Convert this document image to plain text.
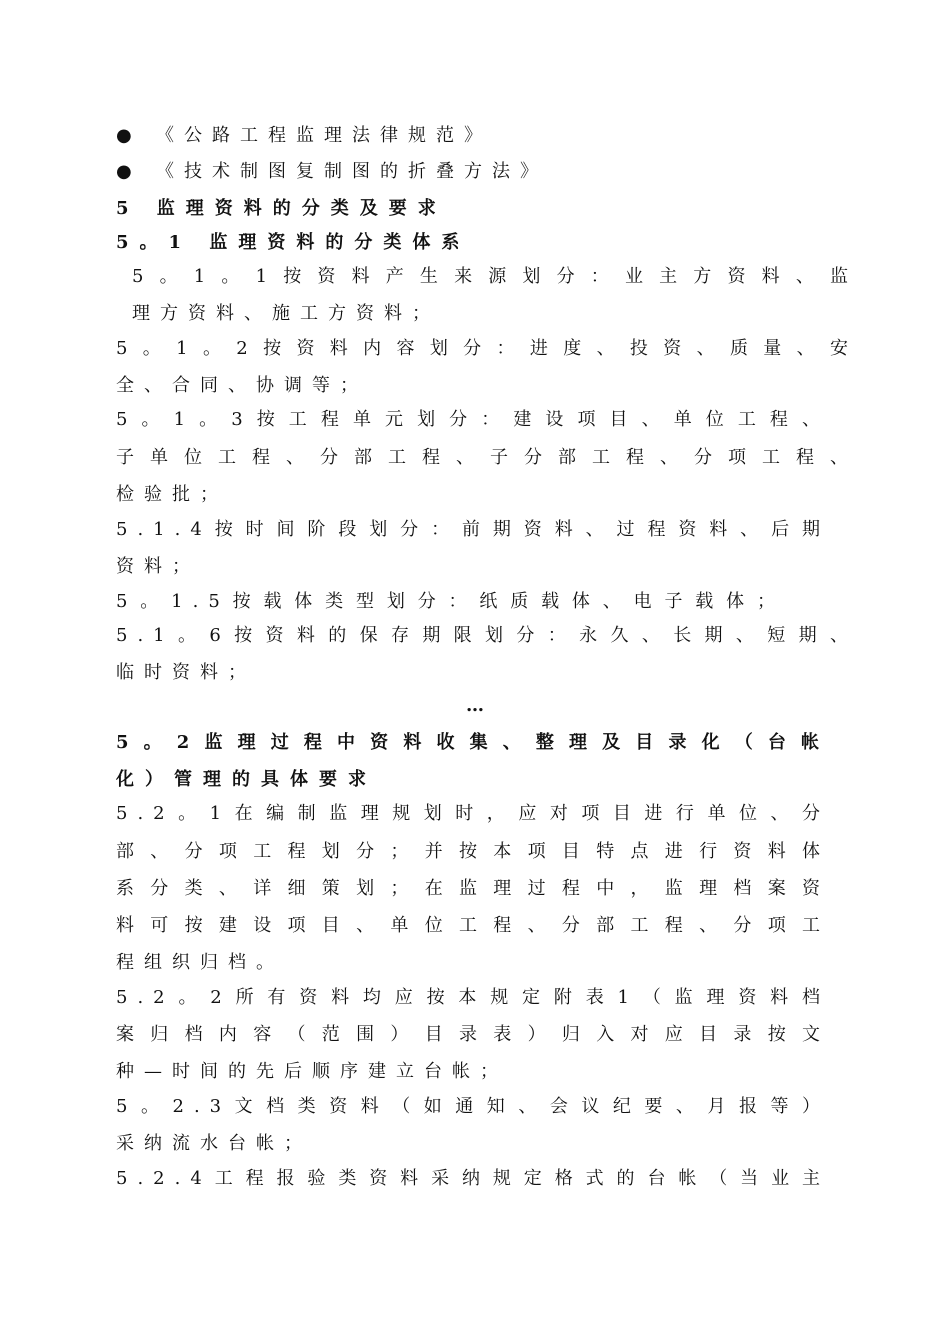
● 《公路工程监理法律规范》
● 《技术制图复制图的折叠方法》
5 监理资料的分类及要求
5。1 监理资料的分类体系
5。1。1按资料产生来源划分：业主方资料、监
理方资料、施工方资料；
5。1。2按资料内容划分：进度、投资、质量、安
全、合同、协调等；
5。1。3按工程单元划分：建设项目、单位工程、
子单位工程、分部工程、子分部工程、分项工程、
检验批；
5.1.4按时间阶段划分：前期资料、过程资料、后期
资料；
5。1.5按载体类型划分：纸质载体、电子载体；
5.1。6按资料的保存期限划分：永久、长期、短期、
临时资料；
…
5。2监理过程中资料收集、整理及目录化（台帐
化）管理的具体要求
5.2。1在编制监理规划时，应对项目进行单位、分
部、分项工程划分；并按本项目特点进行资料体
系分类、详细策划；在监理过程中，监理档案资
料可按建设项目、单位工程、分部工程、分项工
程组织归档。
5.2。2所有资料均应按本规定附表1（监理资料档
案归档内容（范围）目录表）归入对应目录按文
种—时间的先后顺序建立台帐；
5。2.3文档类资料（如通知、会议纪要、月报等）
采纳流水台帐；
5.2.4工程报验类资料采纳规定格式的台帐（当业主
